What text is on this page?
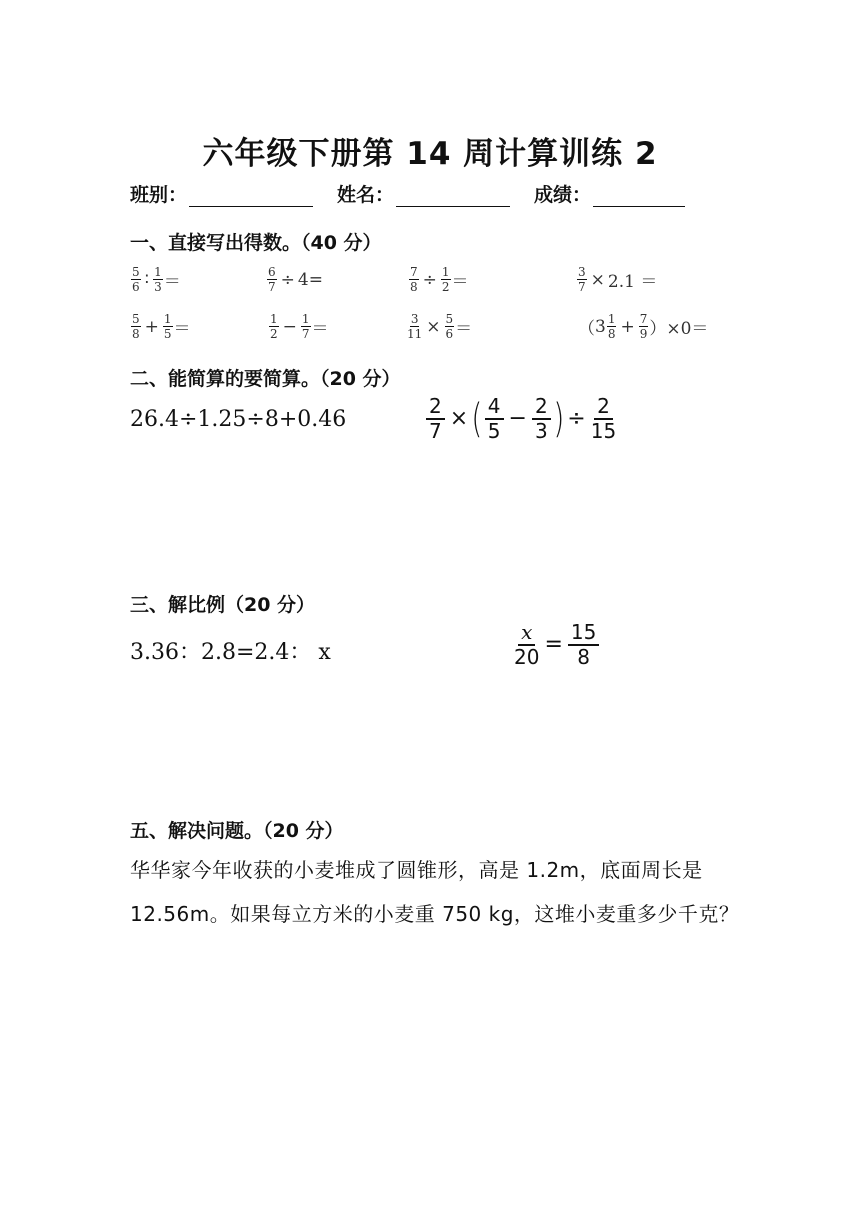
六年级下册第 14 周计算训练 2
班别：	姓名：	成绩：
一、直接写出得数。（40 分）
$\frac{5}{6}$ ∶ $\frac{1}{3}$ ＝	$\frac{6}{7} \div 4=$	$\frac{7}{8} \div \frac{1}{2}$ ＝	$\frac{3}{7} \times 2.1$ ＝
$\frac{5}{8} + \frac{1}{5}$ ＝	$\frac{1}{2} - \frac{1}{7}$ ＝	$\frac{3}{11} \times \frac{5}{6}$ ＝	（ $3 \frac{1}{8} + \frac{7}{9}$ ） ×0＝
二、能简算的要简算。（20 分）
26.4÷1.25÷8+0.46	$\frac{2}{7}$ × ( $\frac{4}{5} - \frac{2}{3}$ ) ÷ $\frac{2}{15}$
三、解比例（20 分）
3.36：2.8=2.4： x	$\frac{x}{20} = \frac{15}{8}$
五、解决问题。（20 分）
华华家今年收获的小麦堆成了圆锥形，高是 1.2m，底面周长是 12.56m。如果每立方米的小麦重 750 kg，这堆小麦重多少千克？
